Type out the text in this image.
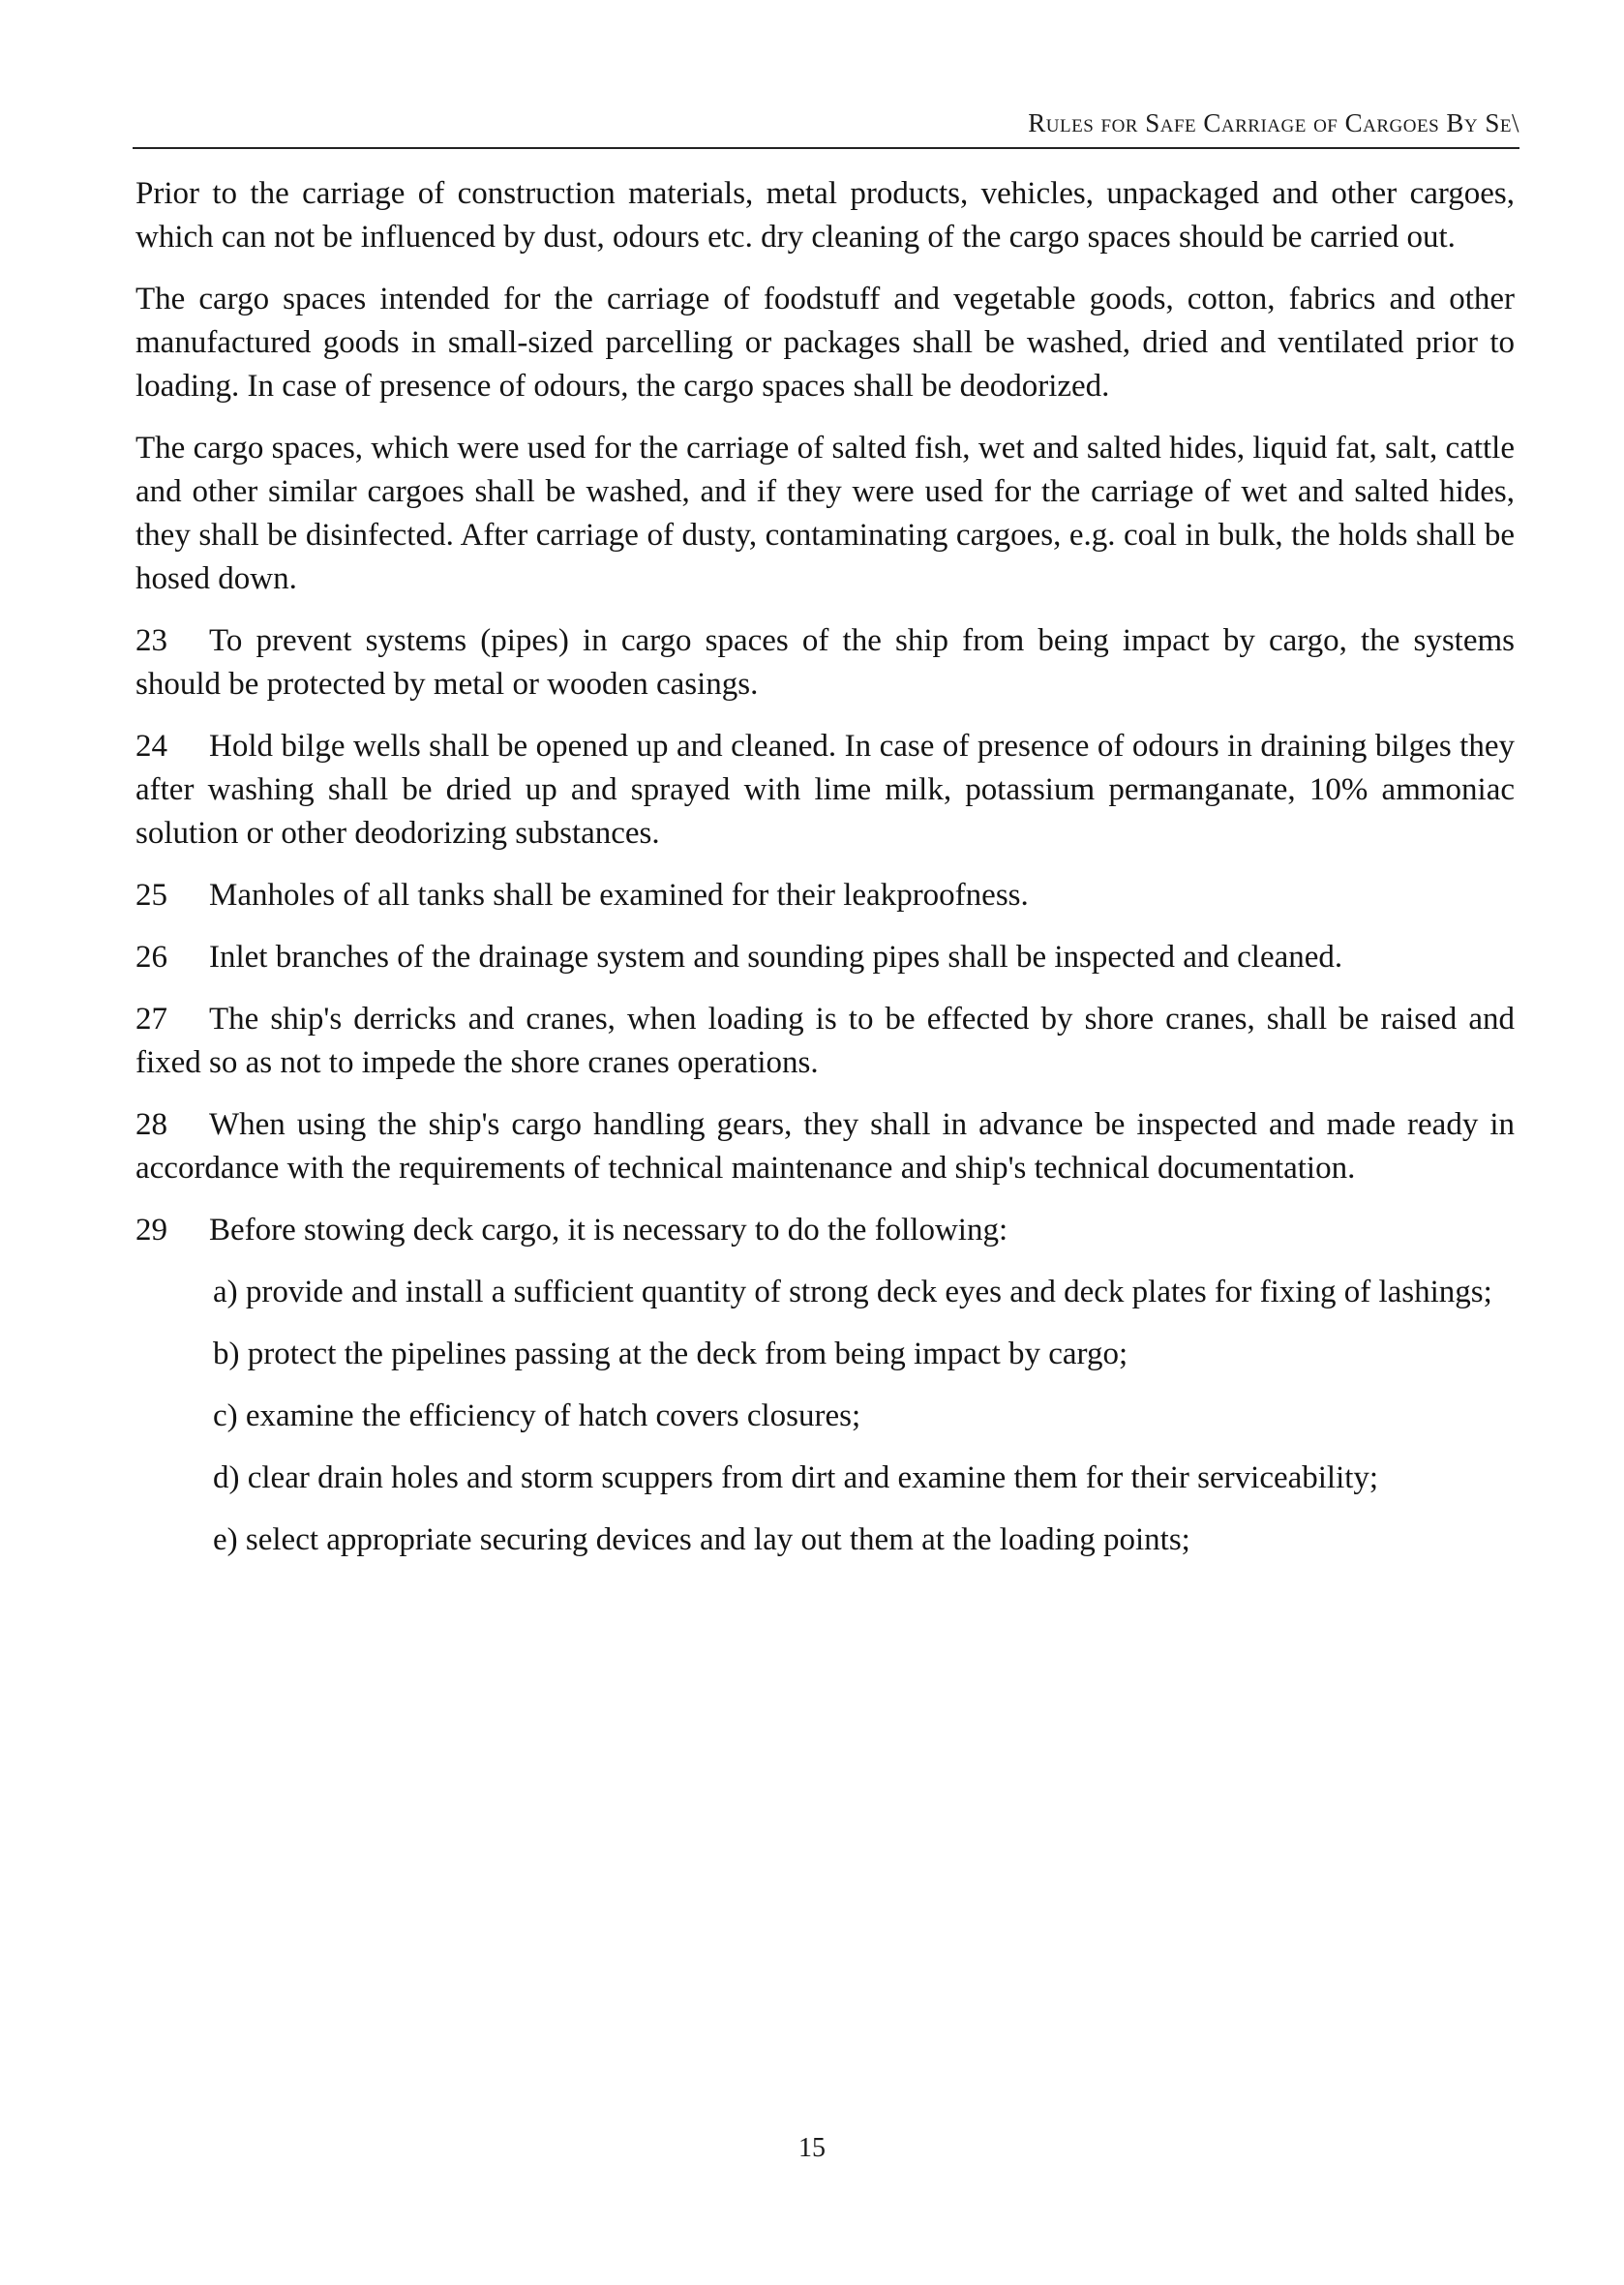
Rules for Safe Carriage of Cargoes By Se\

Prior to the carriage of construction materials, metal products, vehicles, unpackaged and other cargoes, which can not be influenced by dust, odours etc. dry cleaning of the cargo spaces should be carried out.

The cargo spaces intended for the carriage of foodstuff and vegetable goods, cotton, fabrics and other manufactured goods in small-sized parcelling or packages shall be washed, dried and ventilated prior to loading. In case of presence of odours, the cargo spaces shall be deodorized.

The cargo spaces, which were used for the carriage of salted fish, wet and salted hides, liquid fat, salt, cattle and other similar cargoes shall be washed, and if they were used for the carriage of wet and salted hides, they shall be disinfected. After carriage of dusty, contaminating cargoes, e.g. coal in bulk, the holds shall be hosed down.

23 To prevent systems (pipes) in cargo spaces of the ship from being impact by cargo, the systems should be protected by metal or wooden casings.

24 Hold bilge wells shall be opened up and cleaned. In case of presence of odours in draining bilges they after washing shall be dried up and sprayed with lime milk, potassium permanganate, 10% ammoniac solution or other deodorizing substances.

25 Manholes of all tanks shall be examined for their leakproofness.

26 Inlet branches of the drainage system and sounding pipes shall be inspected and cleaned.

27 The ship's derricks and cranes, when loading is to be effected by shore cranes, shall be raised and fixed so as not to impede the shore cranes operations.

28 When using the ship's cargo handling gears, they shall in advance be inspected and made ready in accordance with the requirements of technical maintenance and ship's technical documentation.

29 Before stowing deck cargo, it is necessary to do the following:

a) provide and install a sufficient quantity of strong deck eyes and deck plates for fixing of lashings;

b) protect the pipelines passing at the deck from being impact by cargo;

c) examine the efficiency of hatch covers closures;

d) clear drain holes and storm scuppers from dirt and examine them for their serviceability;

e) select appropriate securing devices and lay out them at the loading points;

15
